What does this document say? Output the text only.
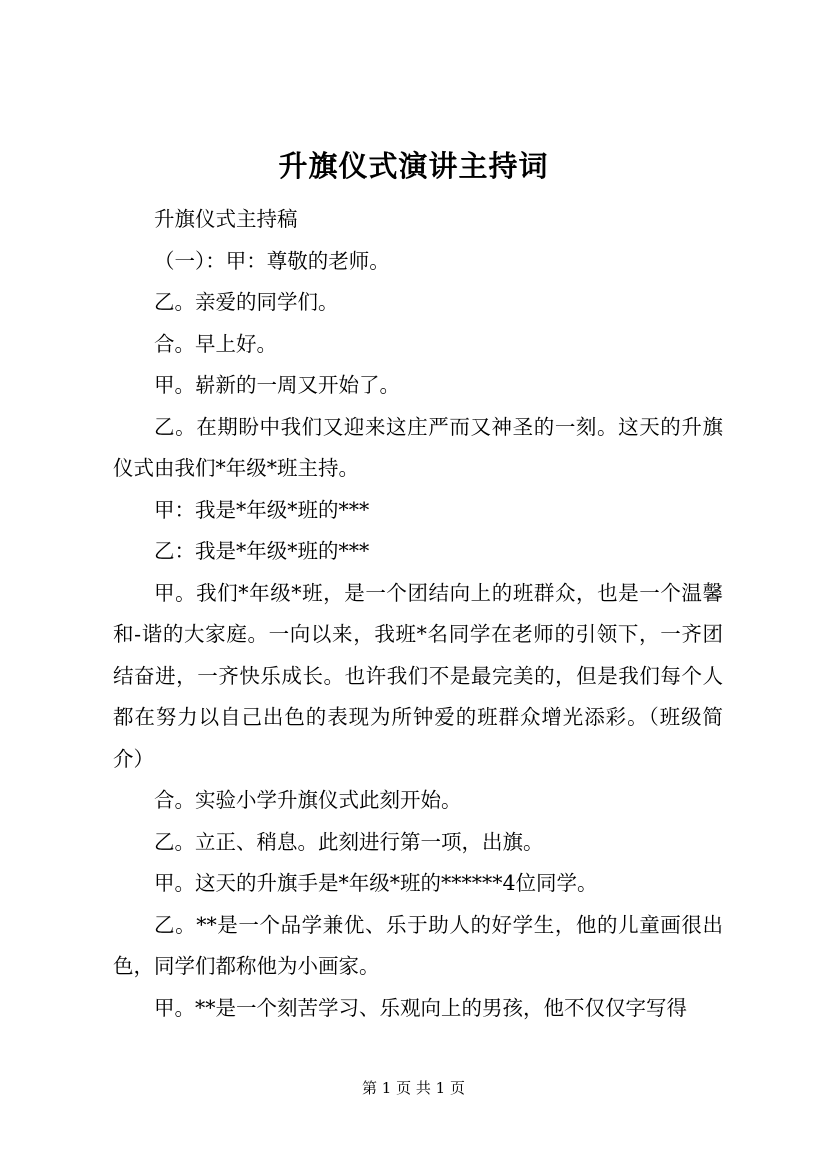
升旗仪式演讲主持词

升旗仪式主持稿

（一）：甲：尊敬的老师。

乙。亲爱的同学们。

合。早上好。

甲。崭新的一周又开始了。

乙。在期盼中我们又迎来这庄严而又神圣的一刻。这天的升旗仪式由我们*年级*班主持。

甲：我是*年级*班的***

乙：我是*年级*班的***

甲。我们*年级*班，是一个团结向上的班群众，也是一个温馨和-谐的大家庭。一向以来，我班*名同学在老师的引领下，一齐团结奋进，一齐快乐成长。也许我们不是最完美的，但是我们每个人都在努力以自己出色的表现为所钟爱的班群众增光添彩。（班级简介）

合。实验小学升旗仪式此刻开始。

乙。立正、稍息。此刻进行第一项，出旗。

甲。这天的升旗手是*年级*班的******4位同学。

乙。**是一个品学兼优、乐于助人的好学生，他的儿童画很出色，同学们都称他为小画家。

甲。**是一个刻苦学习、乐观向上的男孩，他不仅仅字写得

第 1 页 共 1 页
